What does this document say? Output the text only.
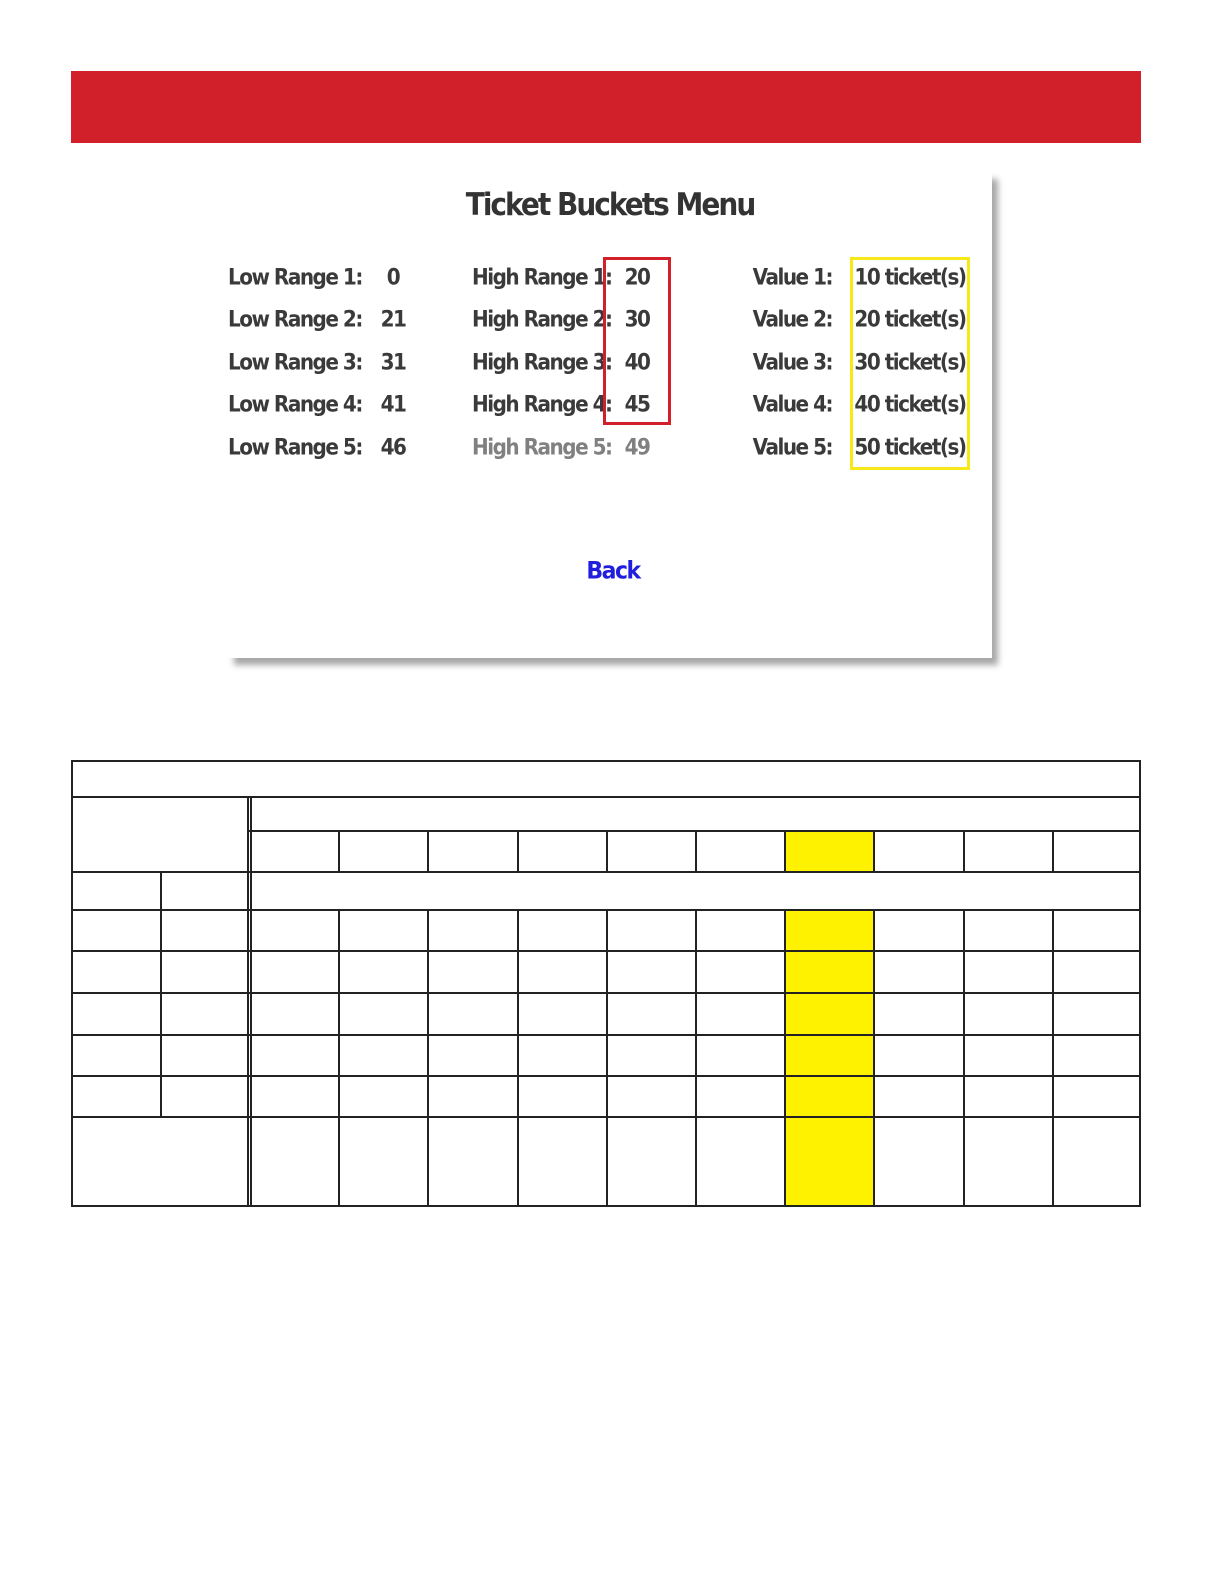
Ticket Buckets Menu
Low Range 1:	0	High Range 1: 20	Value 1:	10 ticket(s)
Low Range 2: 21	High Range 2: 30	Value 2:	20 ticket(s)
Low Range 3: 31	High Range 3: 40	Value 3:	30 ticket(s)
Low Range 4: 41	High Range 4: 45	Value 4:	40 ticket(s)
Low Range 5: 46	High Range 5: 49	Value 5:	50 ticket(s)
Back
